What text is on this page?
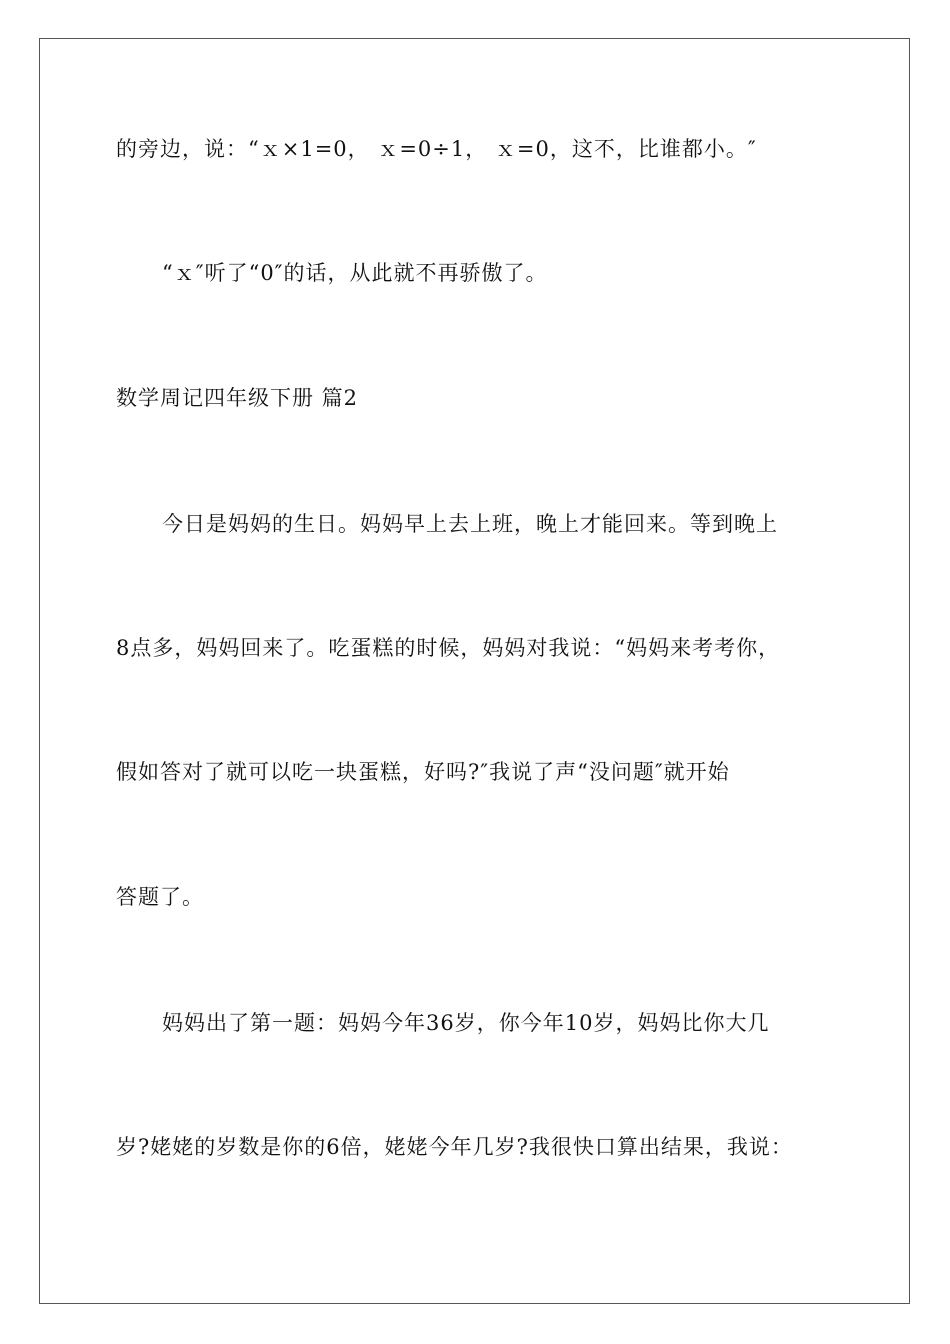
的旁边，说：“ｘ×1=0， ｘ=0÷1， ｘ=0，这不，比谁都小。″
“ｘ″听了“0″的话，从此就不再骄傲了。
数学周记四年级下册 篇2
今日是妈妈的生日。妈妈早上去上班，晚上才能回来。等到晚上
8点多，妈妈回来了。吃蛋糕的时候，妈妈对我说：“妈妈来考考你，
假如答对了就可以吃一块蛋糕，好吗?″我说了声“没问题″就开始
答题了。
妈妈出了第一题：妈妈今年36岁，你今年10岁，妈妈比你大几
岁?姥姥的岁数是你的6倍，姥姥今年几岁?我很快口算出结果，我说：
